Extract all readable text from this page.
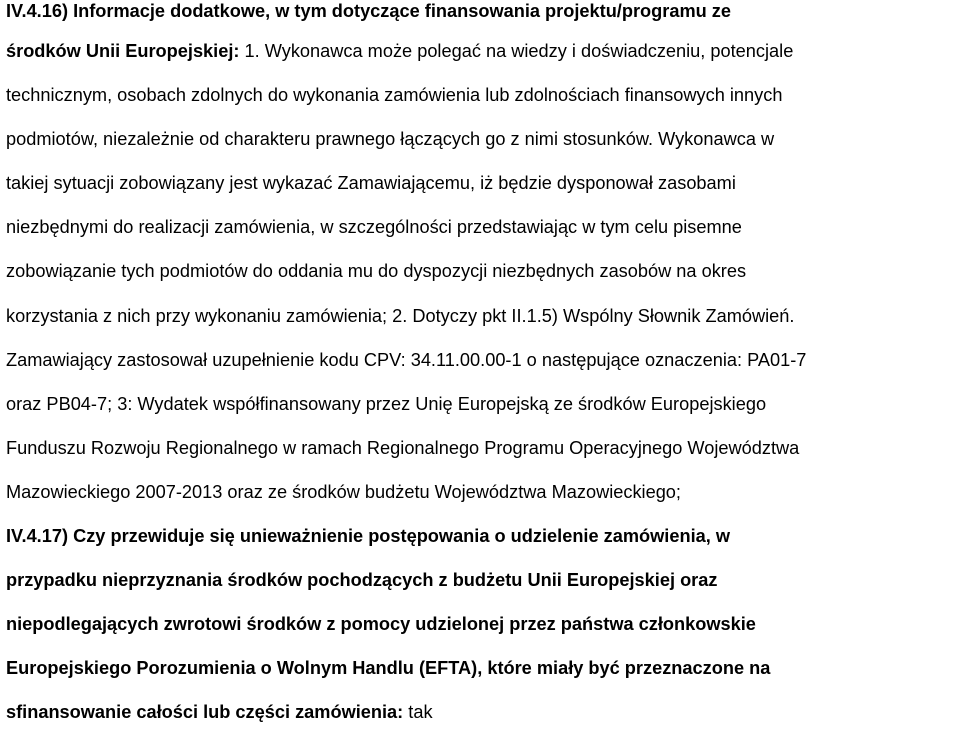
IV.4.16) Informacje dodatkowe, w tym dotyczące finansowania projektu/programu ze
środków Unii Europejskiej: 1. Wykonawca może polegać na wiedzy i doświadczeniu, potencjale
technicznym, osobach zdolnych do wykonania zamówienia lub zdolnościach finansowych innych
podmiotów, niezależnie od charakteru prawnego łączących go z nimi stosunków. Wykonawca w
takiej sytuacji zobowiązany jest wykazać Zamawiającemu, iż będzie dysponował zasobami
niezbędnymi do realizacji zamówienia, w szczególności przedstawiając w tym celu pisemne
zobowiązanie tych podmiotów do oddania mu do dyspozycji niezbędnych zasobów na okres
korzystania z nich przy wykonaniu zamówienia; 2. Dotyczy pkt II.1.5) Wspólny Słownik Zamówień.
Zamawiający zastosował uzupełnienie kodu CPV: 34.11.00.00-1 o następujące oznaczenia: PA01-7
oraz PB04-7; 3: Wydatek współfinansowany przez Unię Europejską ze środków Europejskiego
Funduszu Rozwoju Regionalnego w ramach Regionalnego Programu Operacyjnego Województwa
Mazowieckiego 2007-2013 oraz ze środków budżetu Województwa Mazowieckiego;
IV.4.17) Czy przewiduje się unieważnienie postępowania o udzielenie zamówienia, w
przypadku nieprzyznania środków pochodzących z budżetu Unii Europejskiej oraz
niepodlegających zwrotowi środków z pomocy udzielonej przez państwa członkowskie
Europejskiego Porozumienia o Wolnym Handlu (EFTA), które miały być przeznaczone na
sfinansowanie całości lub części zamówienia: tak
